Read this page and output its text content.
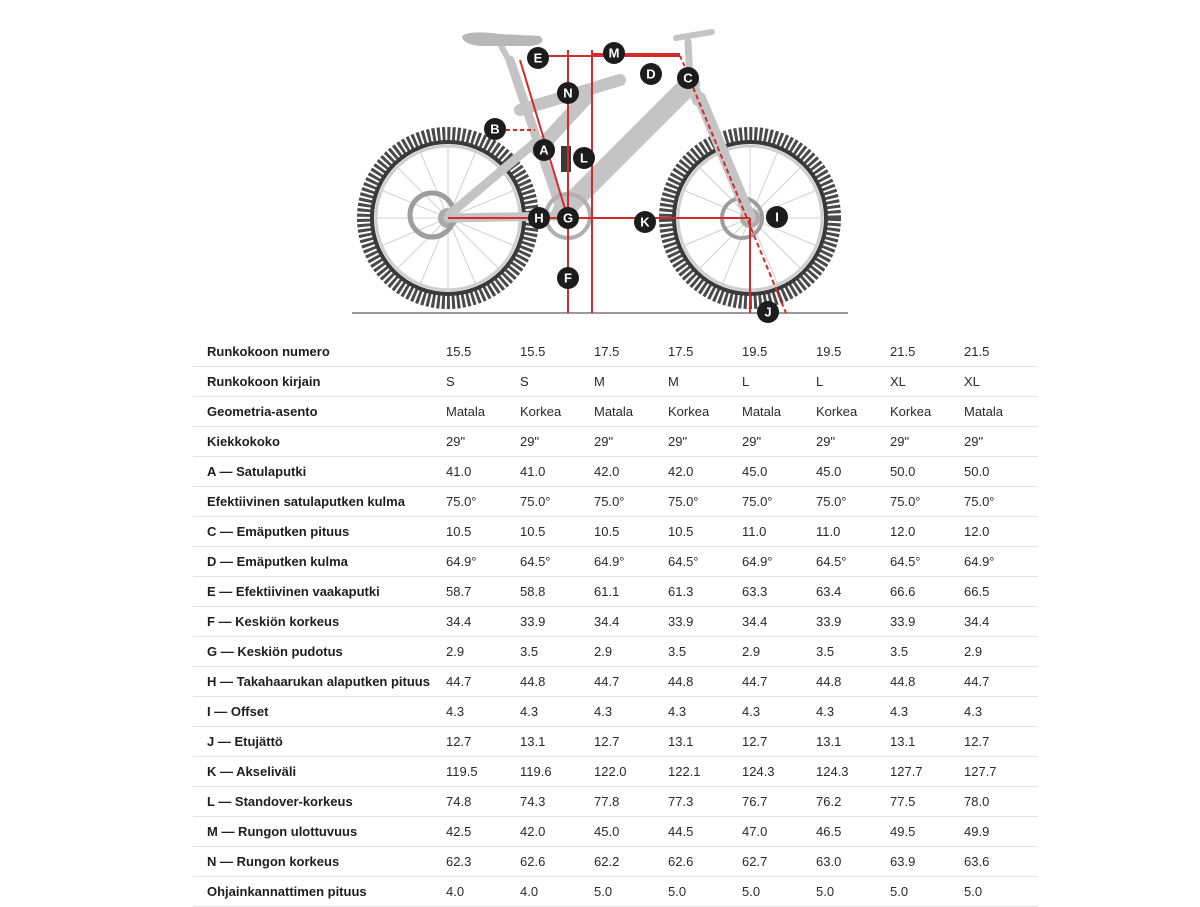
A
B
C
D
E
F
G
H	I
J
K
L
M
N
Runkokoon numero	15.5	15.5	17.5	17.5	19.5	19.5	21.5	21.5
Runkokoon kirjain	S	S	M	M	L	L	XL	XL
Geometria-asento	Matala	Korkea	Matala	Korkea	Matala	Korkea	Korkea	Matala
Kiekkokoko	29"	29"	29"	29"	29"	29"	29"	29"
A — Satulaputki	41.0	41.0	42.0	42.0	45.0	45.0	50.0	50.0
Efektiivinen satulaputken kulma	75.0°	75.0°	75.0°	75.0°	75.0°	75.0°	75.0°	75.0°
C — Emäputken pituus	10.5	10.5	10.5	10.5	11.0	11.0	12.0	12.0
D — Emäputken kulma	64.9°	64.5°	64.9°	64.5°	64.9°	64.5°	64.5°	64.9°
E — Efektiivinen vaakaputki	58.7	58.8	61.1	61.3	63.3	63.4	66.6	66.5
F — Keskiön korkeus	34.4	33.9	34.4	33.9	34.4	33.9	33.9	34.4
G — Keskiön pudotus	2.9	3.5	2.9	3.5	2.9	3.5	3.5	2.9
H — Takahaarukan alaputken pituus	44.7	44.8	44.7	44.8	44.7	44.8	44.8	44.7
I — Offset	4.3	4.3	4.3	4.3	4.3	4.3	4.3	4.3
J — Etujättö	12.7	13.1	12.7	13.1	12.7	13.1	13.1	12.7
K — Akseliväli	119.5	119.6	122.0	122.1	124.3	124.3	127.7	127.7
L — Standover-korkeus	74.8	74.3	77.8	77.3	76.7	76.2	77.5	78.0
M — Rungon ulottuvuus	42.5	42.0	45.0	44.5	47.0	46.5	49.5	49.9
N — Rungon korkeus	62.3	62.6	62.2	62.6	62.7	63.0	63.9	63.6
Ohjainkannattimen pituus	4.0	4.0	5.0	5.0	5.0	5.0	5.0	5.0
